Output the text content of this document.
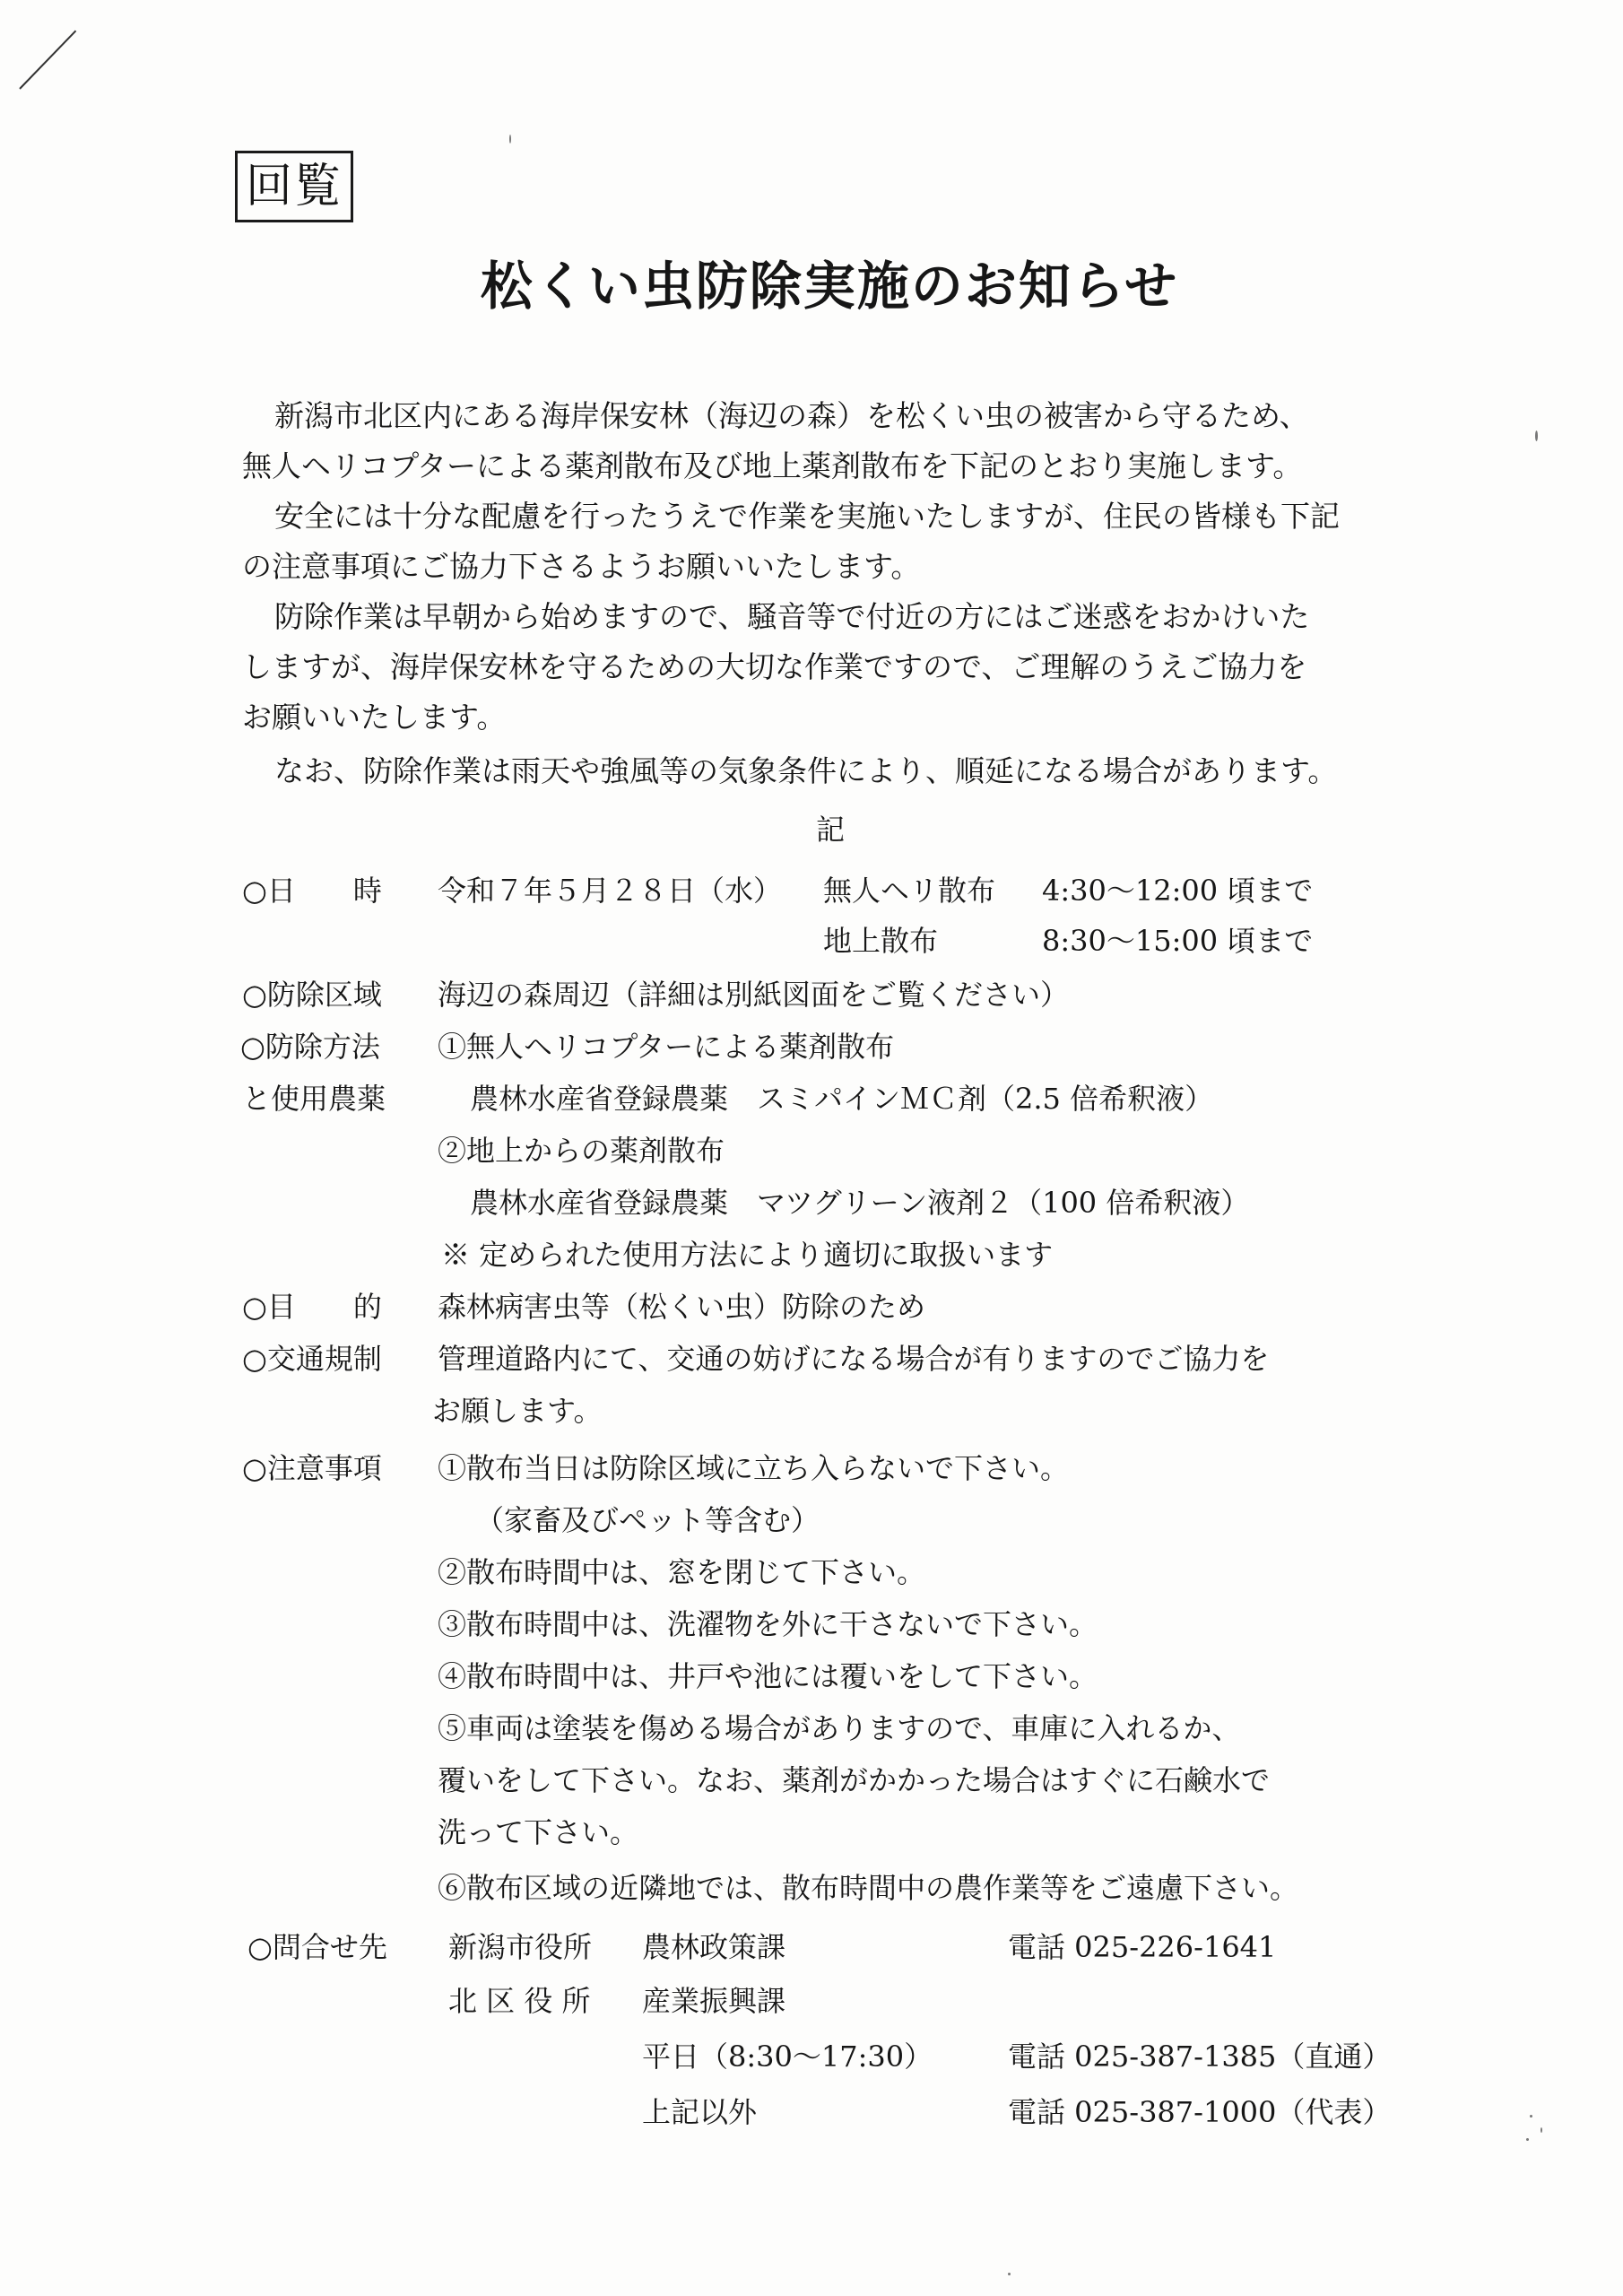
回覧
松くい虫防除実施のお知らせ
新潟市北区内にある海岸保安林（海辺の森）を松くい虫の被害から守るため、
無人ヘリコプターによる薬剤散布及び地上薬剤散布を下記のとおり実施します。
安全には十分な配慮を行ったうえで作業を実施いたしますが、住民の皆様も下記
の注意事項にご協力下さるようお願いいたします。
防除作業は早朝から始めますので、騒音等で付近の方にはご迷惑をおかけいた
しますが、海岸保安林を守るための大切な作業ですので、ご理解のうえご協力を
お願いいたします。
なお、防除作業は雨天や強風等の気象条件により、順延になる場合があります。
記
○日　　時 令和７年５月２８日（水） 無人ヘリ散布 4:30～12:00 頃まで
地上散布	8:30～15:00 頃まで
○防除区域 海辺の森周辺（詳細は別紙図面をご覧ください）
○防除方法 ①無人ヘリコプターによる薬剤散布
と使用農薬	農林水産省登録農薬　スミパインＭＣ剤（2.5 倍希釈液）
②地上からの薬剤散布
農林水産省登録農薬　マツグリーン液剤２（100 倍希釈液）
※ 定められた使用方法により適切に取扱います
○目　　的 森林病害虫等（松くい虫）防除のため
○交通規制 管理道路内にて、交通の妨げになる場合が有りますのでご協力を
お願します。
○注意事項 ①散布当日は防除区域に立ち入らないで下さい。
（家畜及びペット等含む）
②散布時間中は、窓を閉じて下さい。
③散布時間中は、洗濯物を外に干さないで下さい。
④散布時間中は、井戸や池には覆いをして下さい。
⑤車両は塗装を傷める場合がありますので、車庫に入れるか、
覆いをして下さい。なお、薬剤がかかった場合はすぐに石鹸水で
洗って下さい。
⑥散布区域の近隣地では、散布時間中の農作業等をご遠慮下さい。
○問合せ先 新潟市役所 農林政策課	電話 025-226-1641
北 区 役 所 産業振興課
平日（8:30～17:30）	電話 025-387-1385（直通）
上記以外	電話 025-387-1000（代表）
